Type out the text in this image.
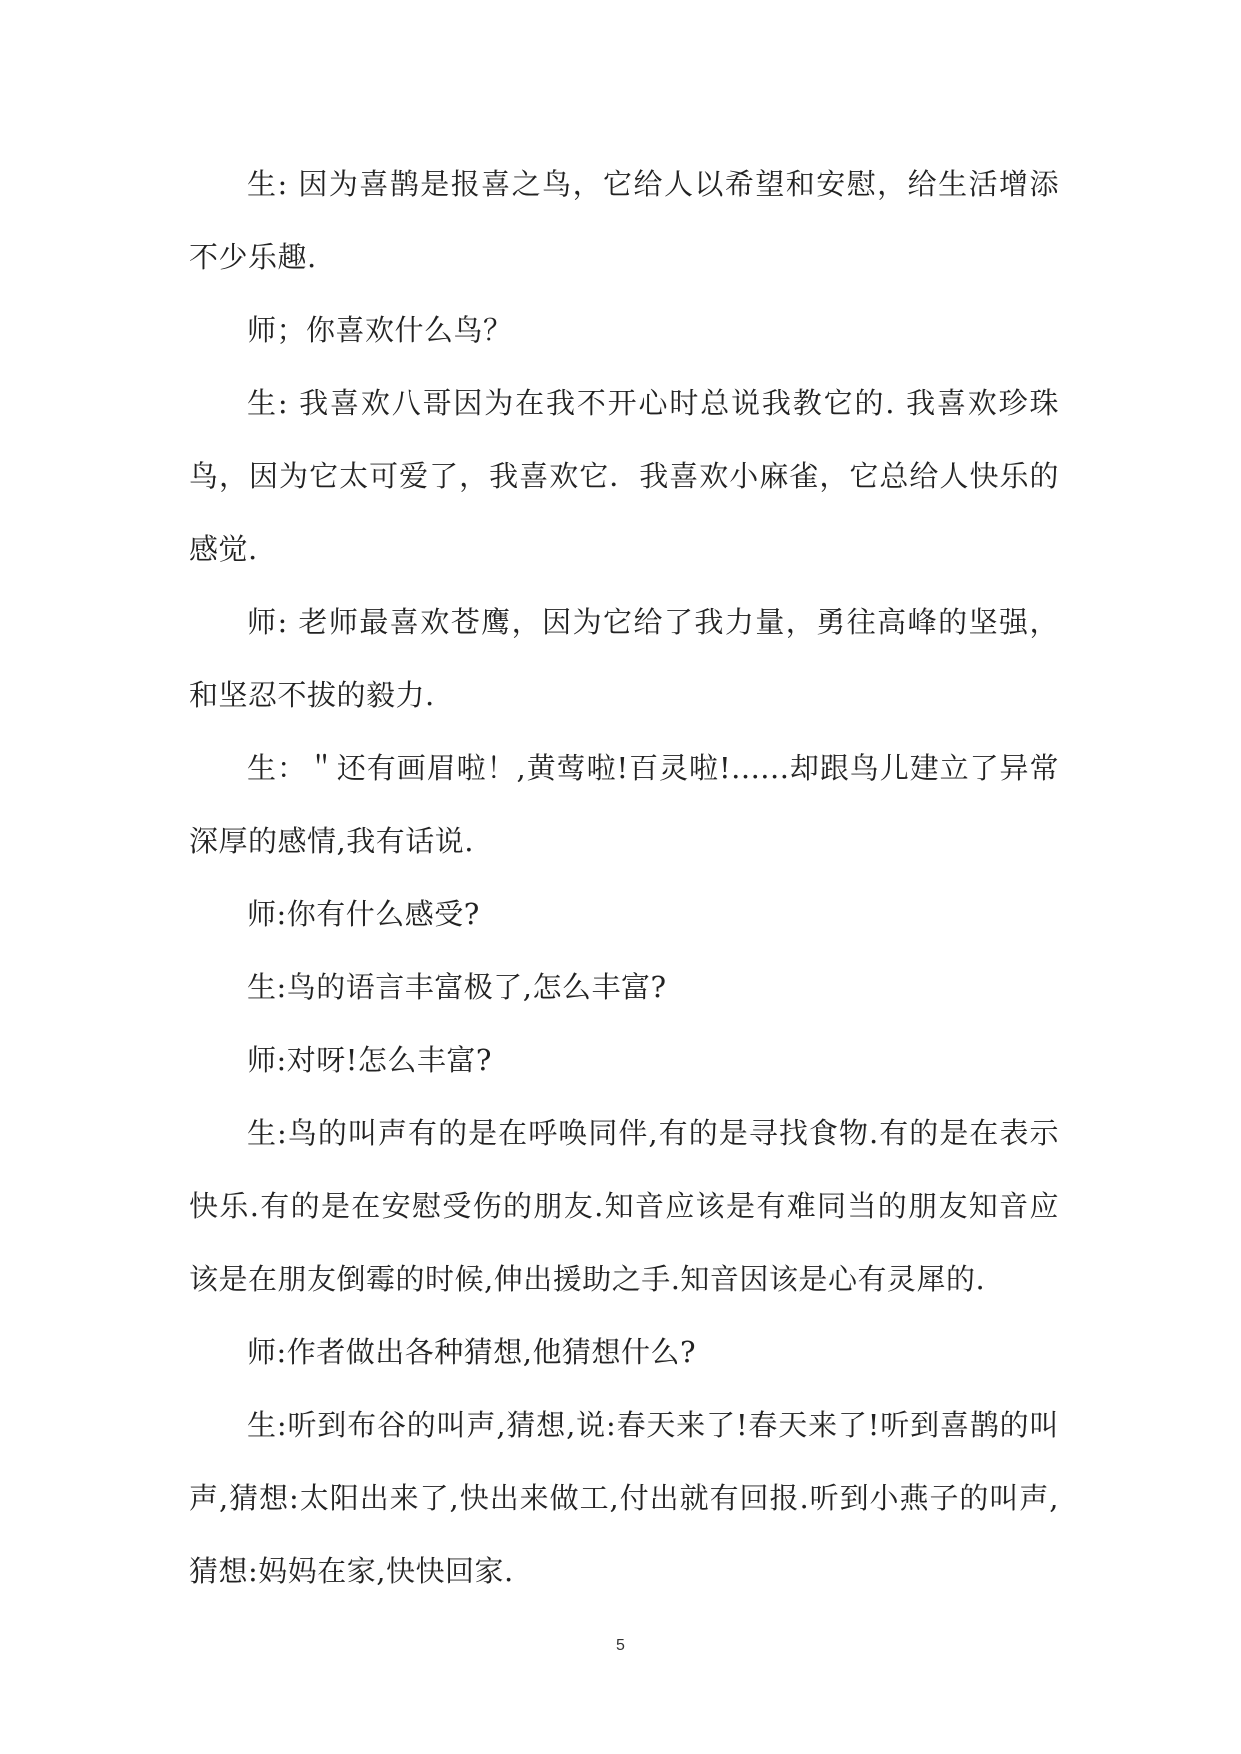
生: 因为喜鹊是报喜之鸟，它给人以希望和安慰，给生活增添不少乐趣.

师；你喜欢什么鸟？

生: 我喜欢八哥因为在我不开心时总说我教它的. 我喜欢珍珠鸟，因为它太可爱了，我喜欢它．我喜欢小麻雀，它总给人快乐的感觉.

师: 老师最喜欢苍鹰，因为它给了我力量，勇往高峰的坚强，和坚忍不拔的毅力.

生：＂还有画眉啦！,黄莺啦!百灵啦!......却跟鸟儿建立了异常深厚的感情,我有话说.

师:你有什么感受?

生:鸟的语言丰富极了,怎么丰富?

师:对呀!怎么丰富?

生:鸟的叫声有的是在呼唤同伴,有的是寻找食物.有的是在表示快乐.有的是在安慰受伤的朋友.知音应该是有难同当的朋友知音应该是在朋友倒霉的时候,伸出援助之手.知音因该是心有灵犀的.

师:作者做出各种猜想,他猜想什么?

生:听到布谷的叫声,猜想,说:春天来了!春天来了!听到喜鹊的叫声,猜想:太阳出来了,快出来做工,付出就有回报.听到小燕子的叫声,猜想:妈妈在家,快快回家.

5
